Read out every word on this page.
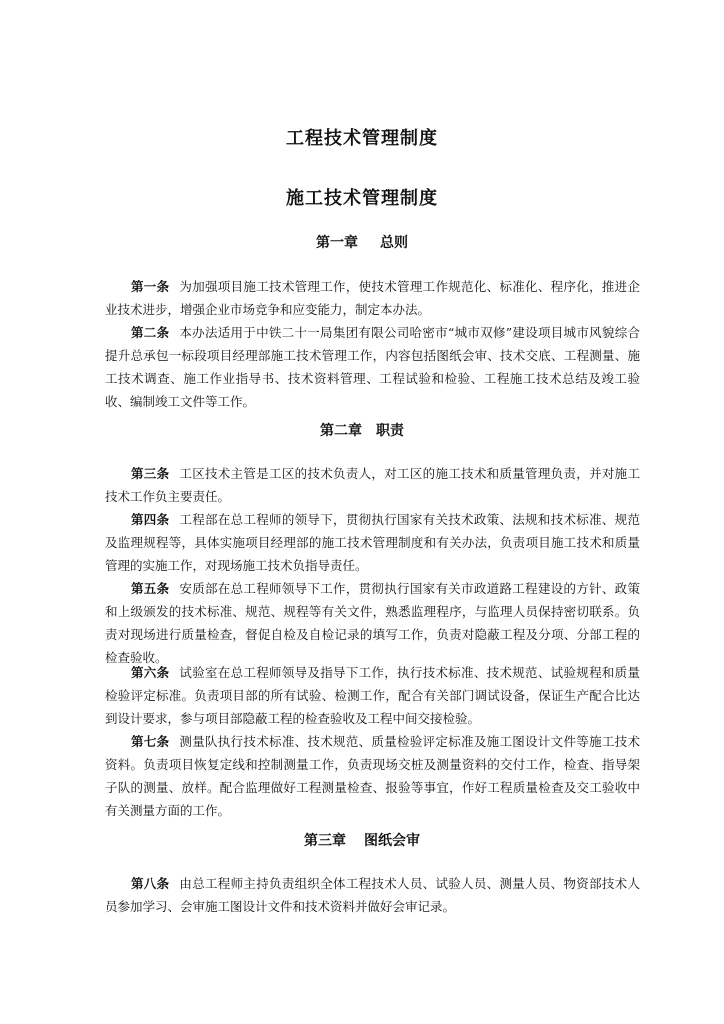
工程技术管理制度
施工技术管理制度
第一章 总则

第一条 为加强项目施工技术管理工作，使技术管理工作规范化、标准化、程序化，推进企业技术进步，增强企业市场竞争和应变能力，制定本办法。

第二条 本办法适用于中铁二十一局集团有限公司哈密市“城市双修”建设项目城市风貌综合提升总承包一标段项目经理部施工技术管理工作，内容包括图纸会审、技术交底、工程测量、施工技术调查、施工作业指导书、技术资料管理、工程试验和检验、工程施工技术总结及竣工验收、编制竣工文件等工作。

第二章 职责

第三条 工区技术主管是工区的技术负责人，对工区的施工技术和质量管理负责，并对施工技术工作负主要责任。

第四条 工程部在总工程师的领导下，贯彻执行国家有关技术政策、法规和技术标准、规范及监理规程等，具体实施项目经理部的施工技术管理制度和有关办法，负责项目施工技术和质量管理的实施工作，对现场施工技术负指导责任。

第五条 安质部在总工程师领导下工作，贯彻执行国家有关市政道路工程建设的方针、政策和上级颁发的技术标准、规范、规程等有关文件，熟悉监理程序，与监理人员保持密切联系。负责对现场进行质量检查，督促自检及自检记录的填写工作，负责对隐蔽工程及分项、分部工程的检查验收。

第六条 试验室在总工程师领导及指导下工作，执行技术标准、技术规范、试验规程和质量检验评定标准。负责项目部的所有试验、检测工作，配合有关部门调试设备，保证生产配合比达到设计要求，参与项目部隐蔽工程的检查验收及工程中间交接检验。

第七条 测量队执行技术标准、技术规范、质量检验评定标准及施工图设计文件等施工技术资料。负责项目恢复定线和控制测量工作，负责现场交桩及测量资料的交付工作，检查、指导架子队的测量、放样。配合监理做好工程测量检查、报验等事宜，作好工程质量检查及交工验收中有关测量方面的工作。

第三章 图纸会审

第八条 由总工程师主持负责组织全体工程技术人员、试验人员、测量人员、物资部技术人员参加学习、会审施工图设计文件和技术资料并做好会审记录。
